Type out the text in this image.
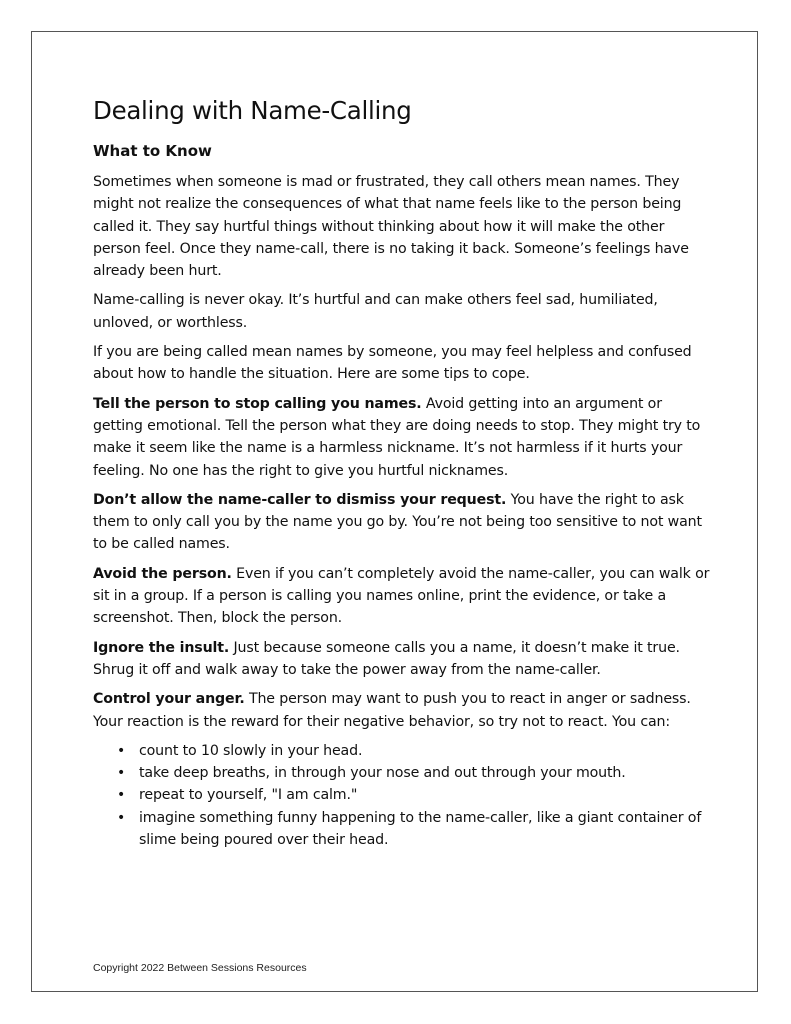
Dealing with Name-Calling
What to Know

Sometimes when someone is mad or frustrated, they call others mean names. They might not realize the consequences of what that name feels like to the person being called it. They say hurtful things without thinking about how it will make the other person feel. Once they name-call, there is no taking it back. Someone’s feelings have already been hurt.

Name-calling is never okay. It’s hurtful and can make others feel sad, humiliated, unloved, or worthless.

If you are being called mean names by someone, you may feel helpless and confused about how to handle the situation. Here are some tips to cope.

Tell the person to stop calling you names. Avoid getting into an argument or getting emotional. Tell the person what they are doing needs to stop. They might try to make it seem like the name is a harmless nickname. It’s not harmless if it hurts your feeling. No one has the right to give you hurtful nicknames.

Don’t allow the name-caller to dismiss your request. You have the right to ask them to only call you by the name you go by. You’re not being too sensitive to not want to be called names.

Avoid the person. Even if you can’t completely avoid the name-caller, you can walk or sit in a group. If a person is calling you names online, print the evidence, or take a screenshot. Then, block the person.

Ignore the insult. Just because someone calls you a name, it doesn’t make it true. Shrug it off and walk away to take the power away from the name-caller.

Control your anger. The person may want to push you to react in anger or sadness. Your reaction is the reward for their negative behavior, so try not to react. You can:

• count to 10 slowly in your head.
• take deep breaths, in through your nose and out through your mouth.
• repeat to yourself, "I am calm."
• imagine something funny happening to the name-caller, like a giant container of slime being poured over their head.
Copyright 2022 Between Sessions Resources
